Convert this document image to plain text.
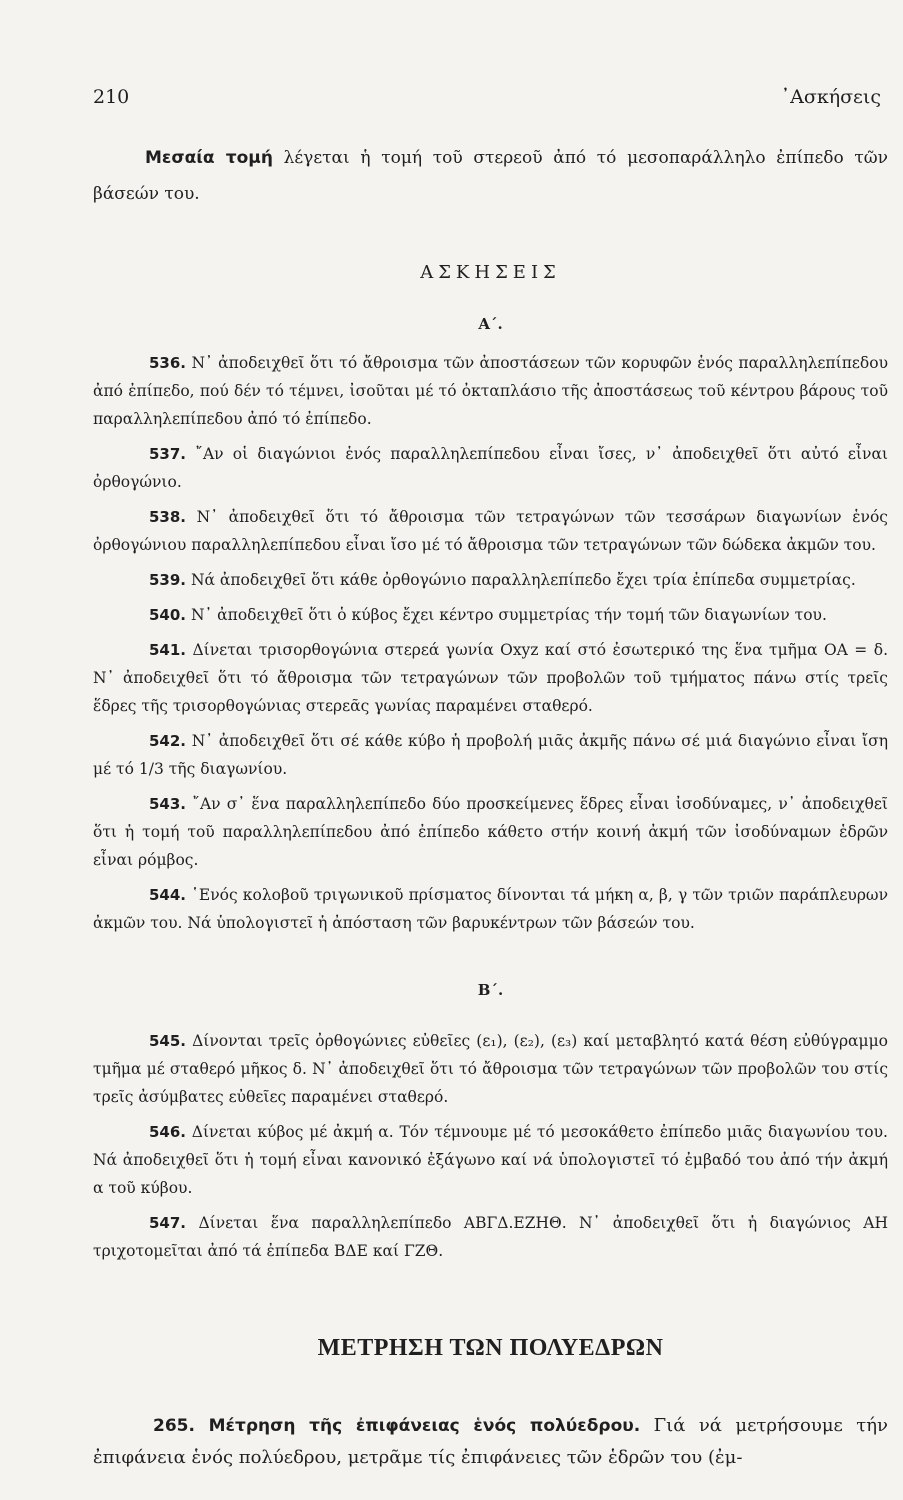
210	᾿Ασκήσεις

Μεσαία τομή λέγεται ἡ τομή τοῦ στερεοῦ ἀπό τό μεσοπαράλληλο ἐπίπεδο τῶν βάσεών του.

ΑΣΚΗΣΕΙΣ
Α΄.

536. Ν᾿ ἀποδειχθεῖ ὅτι τό ἄθροισμα τῶν ἀποστάσεων τῶν κορυφῶν ἑνός παραλληλεπίπεδου ἀπό ἐπίπεδο, πού δέν τό τέμνει, ἰσοῦται μέ τό ὀκταπλάσιο τῆς ἀποστάσεως τοῦ κέντρου βάρους τοῦ παραλληλεπίπεδου ἀπό τό ἐπίπεδο.

537. ῎Αν οἱ διαγώνιοι ἑνός παραλληλεπίπεδου εἶναι ἴσες, ν᾿ ἀποδειχθεῖ ὅτι αὐτό εἶναι ὀρθογώνιο.

538. Ν᾿ ἀποδειχθεῖ ὅτι τό ἄθροισμα τῶν τετραγώνων τῶν τεσσάρων διαγωνίων ἑνός ὀρθογώνιου παραλληλεπίπεδου εἶναι ἴσο μέ τό ἄθροισμα τῶν τετραγώνων τῶν δώδεκα ἀκμῶν του.

539. Νά ἀποδειχθεῖ ὅτι κάθε ὀρθογώνιο παραλληλεπίπεδο ἔχει τρία ἐπίπεδα συμμετρίας.

540. Ν᾿ ἀποδειχθεῖ ὅτι ὁ κύβος ἔχει κέντρο συμμετρίας τήν τομή τῶν διαγωνίων του.

541. Δίνεται τρισορθογώνια στερεά γωνία Oxyz καί στό ἐσωτερικό της ἕνα τμῆμα ΟΑ = δ. Ν᾿ ἀποδειχθεῖ ὅτι τό ἄθροισμα τῶν τετραγώνων τῶν προβολῶν τοῦ τμήματος πάνω στίς τρεῖς ἕδρες τῆς τρισορθογώνιας στερεᾶς γωνίας παραμένει σταθερό.

542. Ν᾿ ἀποδειχθεῖ ὅτι σέ κάθε κύβο ἡ προβολή μιᾶς ἀκμῆς πάνω σέ μιά διαγώνιο εἶναι ἴση μέ τό 1/3 τῆς διαγωνίου.

543. ῎Αν σ᾿ ἕνα παραλληλεπίπεδο δύο προσκείμενες ἕδρες εἶναι ἰσοδύναμες, ν᾿ ἀποδειχθεῖ ὅτι ἡ τομή τοῦ παραλληλεπίπεδου ἀπό ἐπίπεδο κάθετο στήν κοινή ἀκμή τῶν ἰσοδύναμων ἑδρῶν εἶναι ρόμβος.

544. ῾Ενός κολοβοῦ τριγωνικοῦ πρίσματος δίνονται τά μήκη α, β, γ τῶν τριῶν παράπλευρων ἀκμῶν του. Νά ὑπολογιστεῖ ἡ ἀπόσταση τῶν βαρυκέντρων τῶν βάσεών του.

Β΄.

545. Δίνονται τρεῖς ὀρθογώνιες εὐθεῖες (ε₁), (ε₂), (ε₃) καί μεταβλητό κατά θέση εὐθύγραμμο τμῆμα μέ σταθερό μῆκος δ. Ν᾿ ἀποδειχθεῖ ὅτι τό ἄθροισμα τῶν τετραγώνων τῶν προβολῶν του στίς τρεῖς ἀσύμβατες εὐθεῖες παραμένει σταθερό.

546. Δίνεται κύβος μέ ἀκμή α. Τόν τέμνουμε μέ τό μεσοκάθετο ἐπίπεδο μιᾶς διαγωνίου του. Νά ἀποδειχθεῖ ὅτι ἡ τομή εἶναι κανονικό ἑξάγωνο καί νά ὑπολογιστεῖ τό ἐμβαδό του ἀπό τήν ἀκμή α τοῦ κύβου.

547. Δίνεται ἕνα παραλληλεπίπεδο ΑΒΓΔ.ΕΖΗΘ. Ν᾿ ἀποδειχθεῖ ὅτι ἡ διαγώνιος ΑΗ τριχοτομεῖται ἀπό τά ἐπίπεδα ΒΔΕ καί ΓΖΘ.

ΜΕΤΡΗΣΗ ΤΩΝ ΠΟΛΥΕΔΡΩΝ

265. Μέτρηση τῆς ἐπιφάνειας ἑνός πολύεδρου. Γιά νά μετρήσουμε τήν ἐπιφάνεια ἑνός πολύεδρου, μετρᾶμε τίς ἐπιφάνειες τῶν ἑδρῶν του (ἐμ-
